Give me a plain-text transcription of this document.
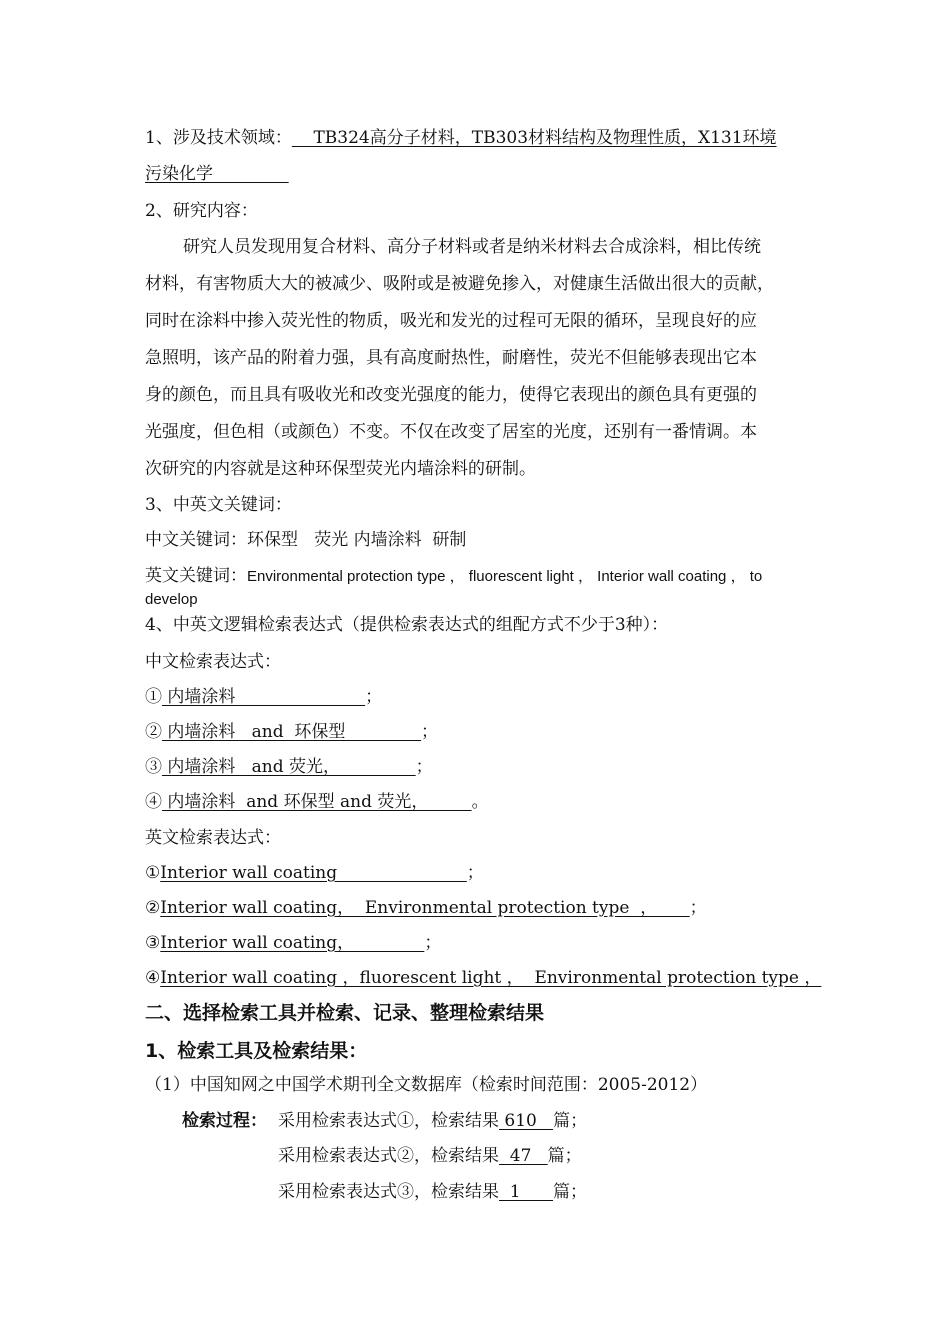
1、涉及技术领域： TB324高分子材料，TB303材料结构及物理性质，X131环境
污染化学
2、研究内容：
研究人员发现用复合材料、高分子材料或者是纳米材料去合成涂料，相比传统
材料，有害物质大大的被减少、吸附或是被避免掺入，对健康生活做出很大的贡献，
同时在涂料中掺入荧光性的物质，吸光和发光的过程可无限的循环，呈现良好的应
急照明，该产品的附着力强，具有高度耐热性，耐磨性，荧光不但能够表现出它本
身的颜色，而且具有吸收光和改变光强度的能力，使得它表现出的颜色具有更强的
光强度，但色相（或颜色）不变。不仅在改变了居室的光度，还别有一番情调。本
次研究的内容就是这种环保型荧光内墙涂料的研制。
3、中英文关键词：
中文关键词：环保型   荧光 内墙涂料  研制
英文关键词：Environmental protection type ， fluorescent light ， Interior wall coating ， to
develop
4、中英文逻辑检索表达式（提供检索表达式的组配方式不少于3种）：
中文检索表达式：
① 内墙涂料                        ；
② 内墙涂料   and  环保型              ；
③ 内墙涂料   and 荧光，              ；
④ 内墙涂料  and 环保型 and 荧光，        。
英文检索表达式：
①Interior wall coating                        ；
②Interior wall coating，  Environmental protection type  ，      ；
③Interior wall coating，             ；
④Interior wall coating ，fluorescent light ，  Environmental protection type ，
二、选择检索工具并检索、记录、整理检索结果
1、检索工具及检索结果：
（1）中国知网之中国学术期刊全文数据库（检索时间范围：2005-2012）
检索过程： 采用检索表达式①，检索结果 610   篇；
采用检索表达式②，检索结果  47   篇；
采用检索表达式③，检索结果  1      篇；
